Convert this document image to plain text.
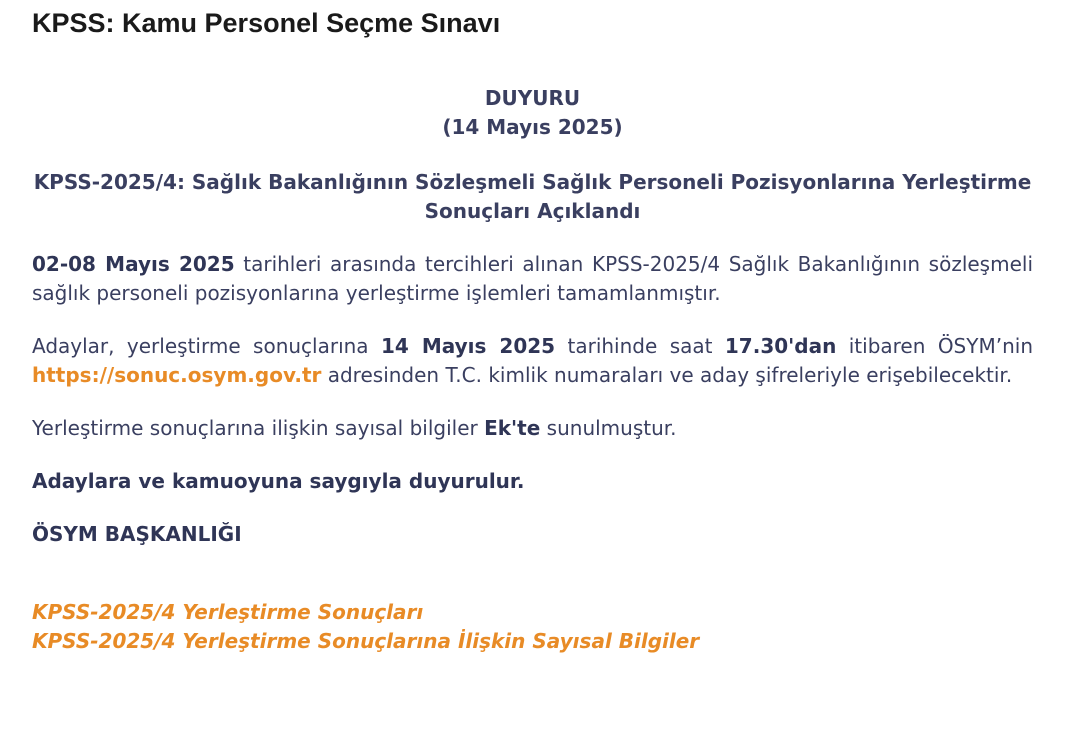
KPSS: Kamu Personel Seçme Sınavı
DUYURU
(14 Mayıs 2025)
KPSS-2025/4: Sağlık Bakanlığının Sözleşmeli Sağlık Personeli Pozisyonlarına Yerleştirme Sonuçları Açıklandı

02-08 Mayıs 2025 tarihleri arasında tercihleri alınan KPSS-2025/4 Sağlık Bakanlığının sözleşmeli sağlık personeli pozisyonlarına yerleştirme işlemleri tamamlanmıştır.

Adaylar, yerleştirme sonuçlarına 14 Mayıs 2025 tarihinde saat 17.30'dan itibaren ÖSYM’nin https://sonuc.osym.gov.tr adresinden T.C. kimlik numaraları ve aday şifreleriyle erişebilecektir.

Yerleştirme sonuçlarına ilişkin sayısal bilgiler Ek'te sunulmuştur.

Adaylara ve kamuoyuna saygıyla duyurulur.

ÖSYM BAŞKANLIĞI

KPSS-2025/4 Yerleştirme Sonuçları
KPSS-2025/4 Yerleştirme Sonuçlarına İlişkin Sayısal Bilgiler
